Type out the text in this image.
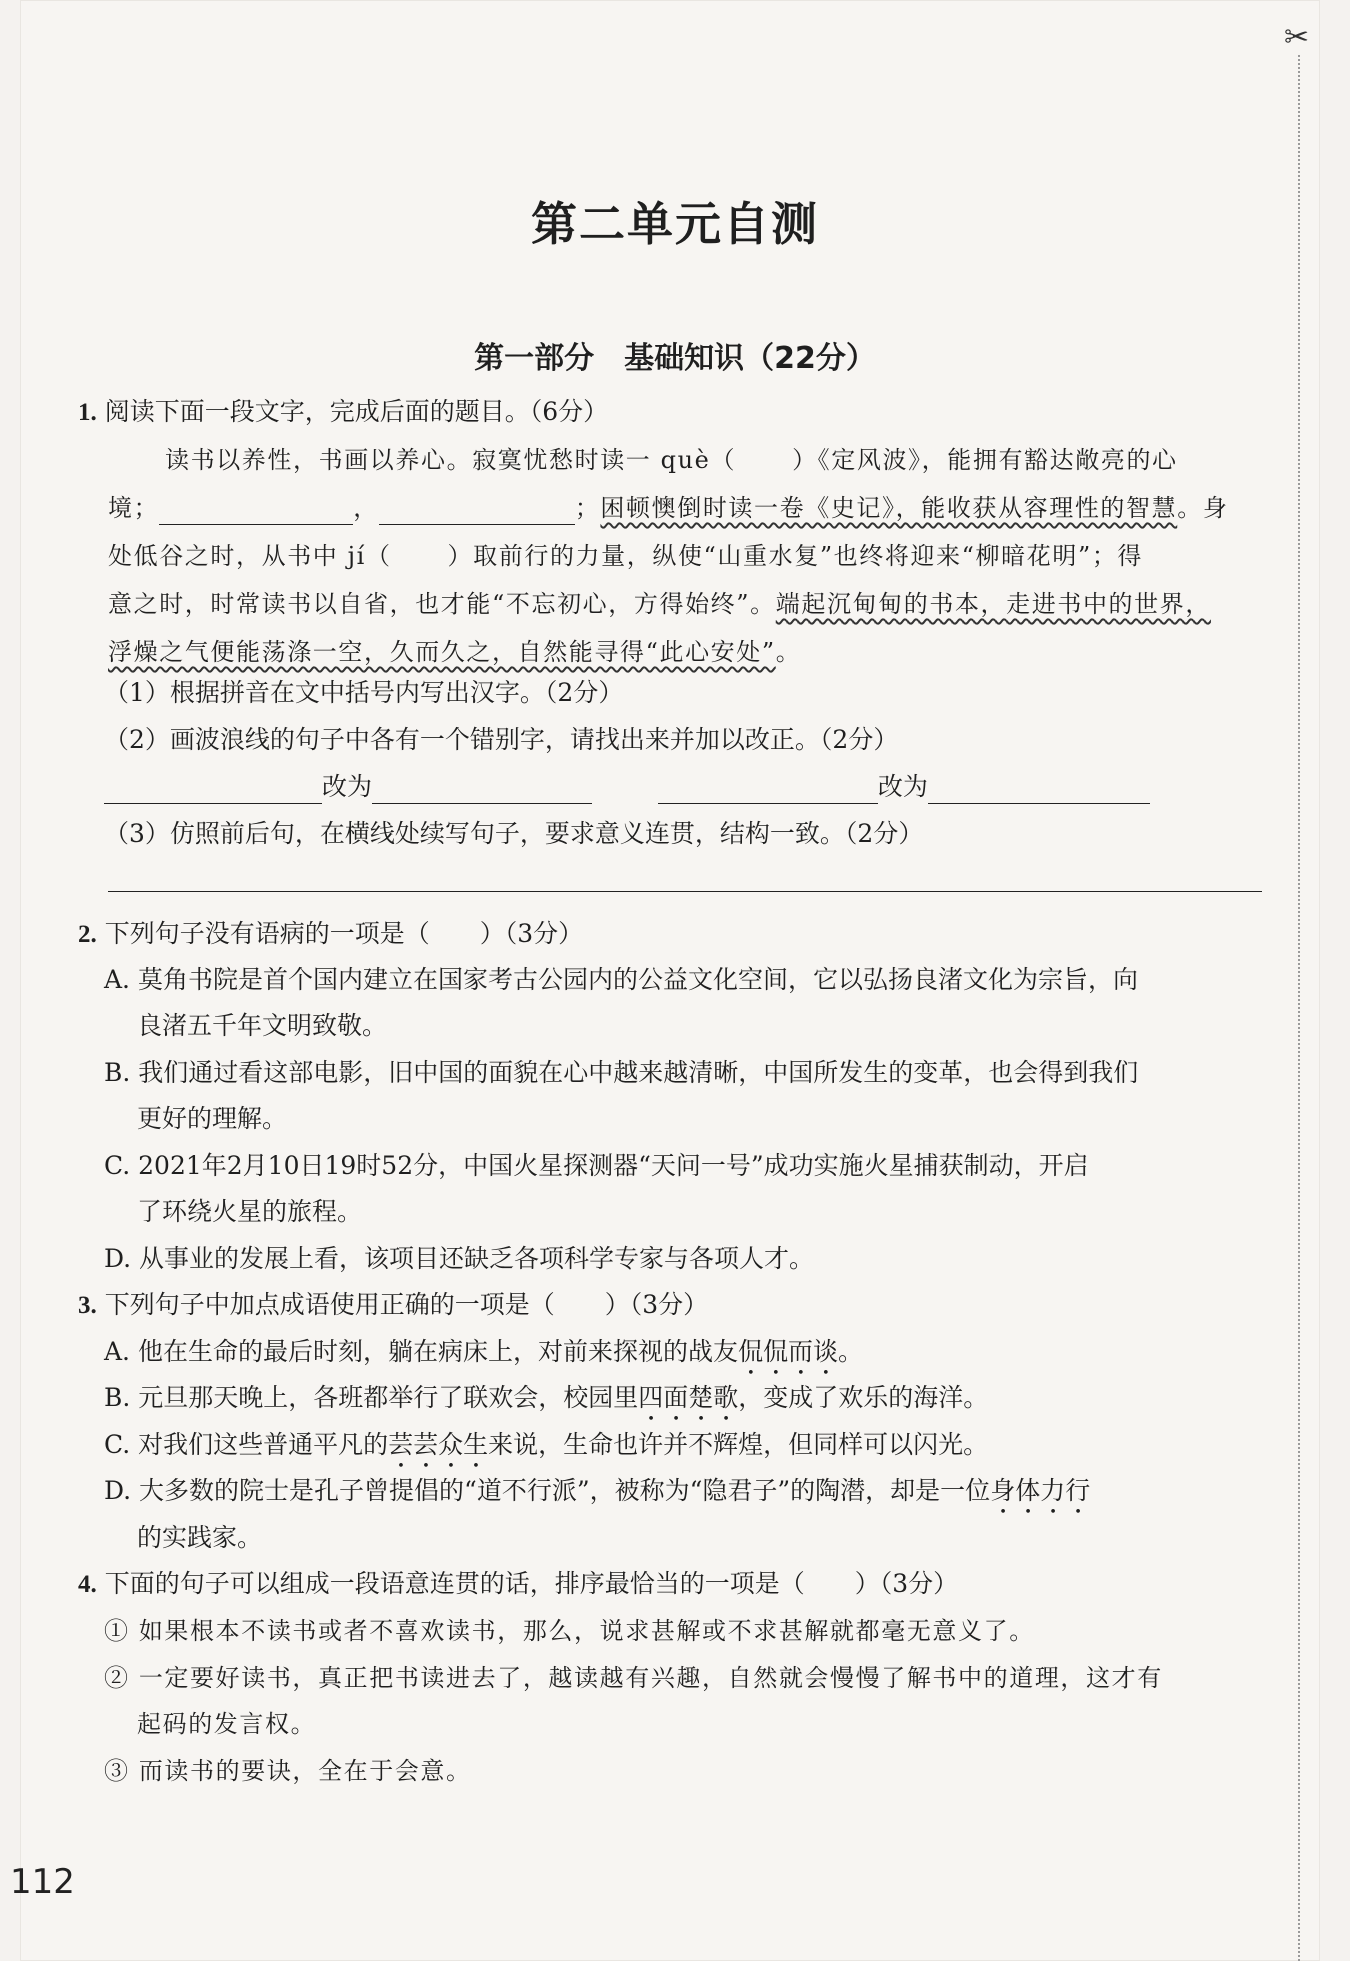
✂
第二单元自测
第一部分　基础知识（22分）
1. 阅读下面一段文字，完成后面的题目。（6分）
读书以养性，书画以养心。寂寞忧愁时读一 què（ ）《定风波》，能拥有豁达敞亮的心
境；	，	；困顿懊倒时读一卷《史记》，能收获从容理性的智慧。身
处低谷之时，从书中 jí（ ）取前行的力量，纵使“山重水复”也终将迎来“柳暗花明”；得
意之时，时常读书以自省，也才能“不忘初心，方得始终”。端起沉甸甸的书本，走进书中的世界，
浮燥之气便能荡涤一空，久而久之，自然能寻得“此心安处”。
（1）根据拼音在文中括号内写出汉字。（2分）
（2）画波浪线的句子中各有一个错别字，请找出来并加以改正。（2分）
改为	改为
（3）仿照前后句，在横线处续写句子，要求意义连贯，结构一致。（2分）
2. 下列句子没有语病的一项是（　　）（3分）
A. 莫角书院是首个国内建立在国家考古公园内的公益文化空间，它以弘扬良渚文化为宗旨，向
良渚五千年文明致敬。
B. 我们通过看这部电影，旧中国的面貌在心中越来越清晰，中国所发生的变革，也会得到我们
更好的理解。
C. 2021年2月10日19时52分，中国火星探测器“天问一号”成功实施火星捕获制动，开启
了环绕火星的旅程。
D. 从事业的发展上看，该项目还缺乏各项科学专家与各项人才。
3. 下列句子中加点成语使用正确的一项是（　　）（3分）
A. 他在生命的最后时刻，躺在病床上，对前来探视的战友侃侃而谈。
B. 元旦那天晚上，各班都举行了联欢会，校园里四面楚歌，变成了欢乐的海洋。
C. 对我们这些普通平凡的芸芸众生来说，生命也许并不辉煌，但同样可以闪光。
D. 大多数的院士是孔子曾提倡的“道不行派”，被称为“隐君子”的陶潜，却是一位身体力行
的实践家。
4. 下面的句子可以组成一段语意连贯的话，排序最恰当的一项是（　　）（3分）
① 如果根本不读书或者不喜欢读书，那么，说求甚解或不求甚解就都毫无意义了。
② 一定要好读书，真正把书读进去了，越读越有兴趣，自然就会慢慢了解书中的道理，这才有
起码的发言权。
③ 而读书的要诀，全在于会意。
112
